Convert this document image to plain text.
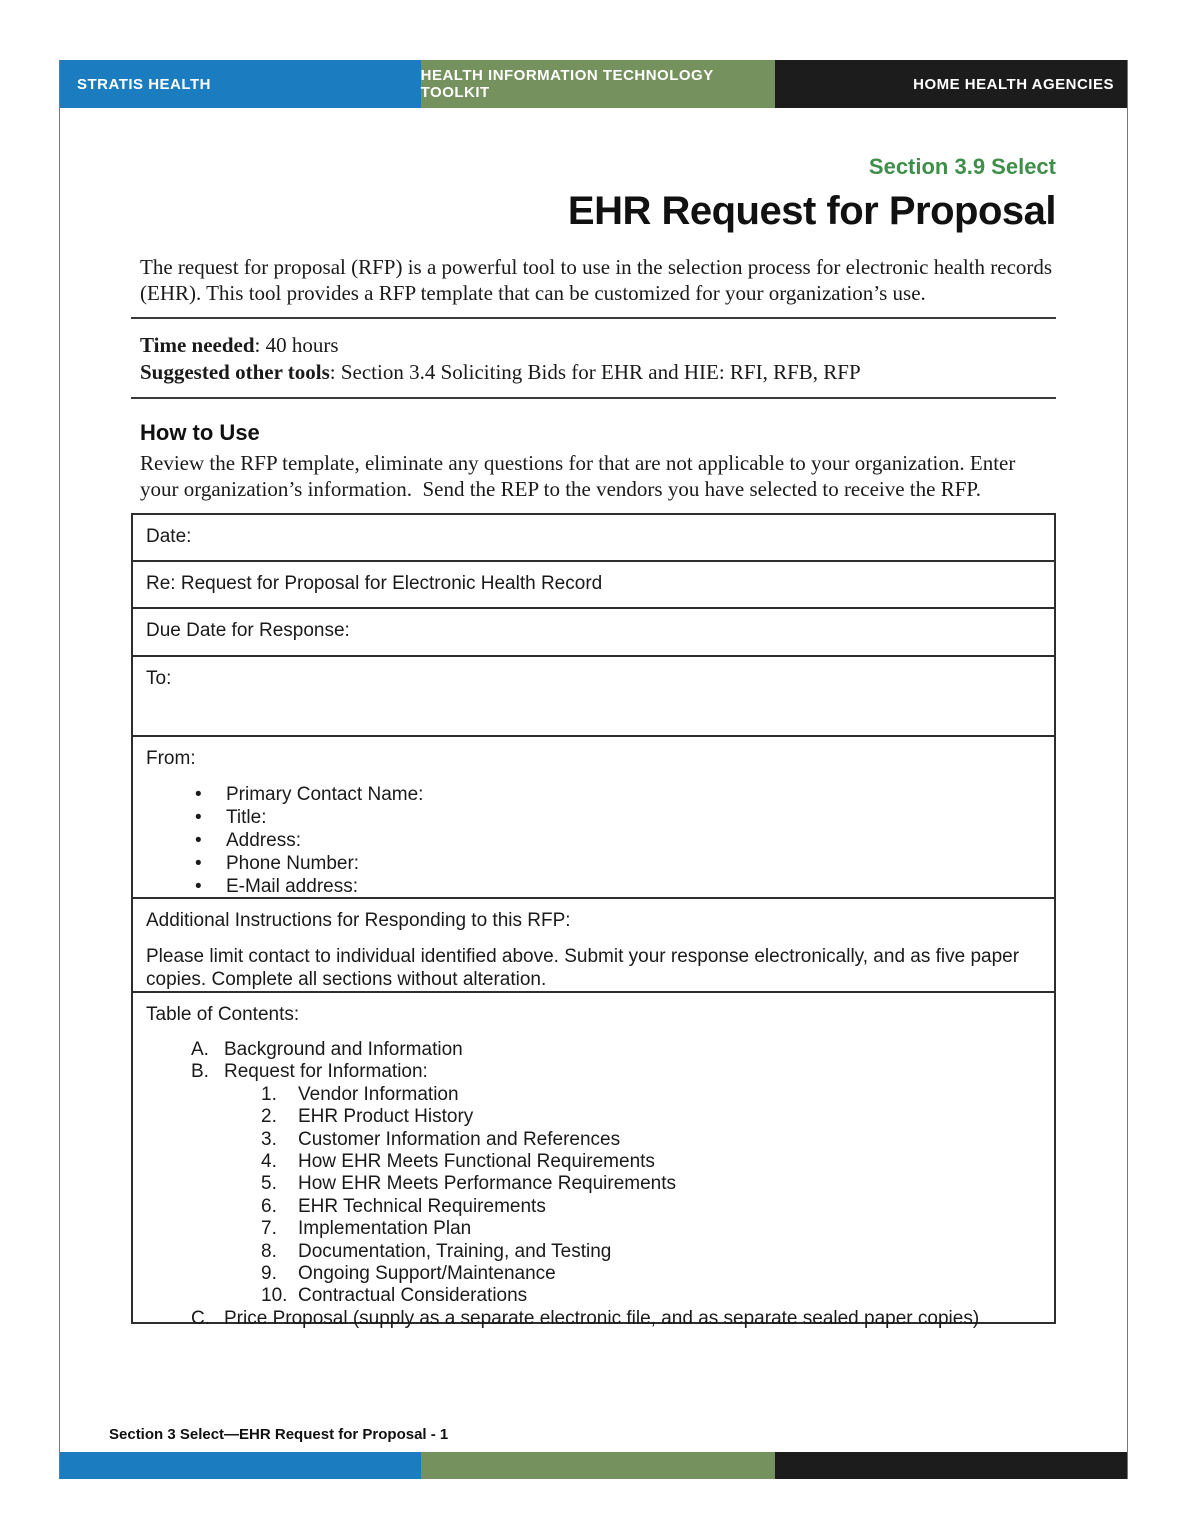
STRATIS HEALTH	HEALTH INFORMATION TECHNOLOGY TOOLKIT	HOME HEALTH AGENCIES
Section 3.9 Select
EHR Request for Proposal

The request for proposal (RFP) is a powerful tool to use in the selection process for electronic health records (EHR). This tool provides a RFP template that can be customized for your organization’s use.

Time needed: 40 hours
Suggested other tools: Section 3.4 Soliciting Bids for EHR and HIE: RFI, RFB, RFP
How to Use

Review the RFP template, eliminate any questions for that are not applicable to your organization. Enter your organization’s information.  Send the REP to the vendors you have selected to receive the RFP.

Date:
Re: Request for Proposal for Electronic Health Record
Due Date for Response:
To:
From:
• Primary Contact Name:
• Title:
• Address:
• Phone Number:
• E-Mail address:
Additional Instructions for Responding to this RFP:
Please limit contact to individual identified above. Submit your response electronically, and as five paper copies. Complete all sections without alteration.
Table of Contents:
A. Background and Information
B. Request for Information:
1.	Vendor Information
2.	EHR Product History
3.	Customer Information and References
4.	How EHR Meets Functional Requirements
5.	How EHR Meets Performance Requirements
6.	EHR Technical Requirements
7.	Implementation Plan
8.	Documentation, Training, and Testing
9.	Ongoing Support/Maintenance
10. Contractual Considerations
C. Price Proposal (supply as a separate electronic file, and as separate sealed paper copies)
Section 3 Select—EHR Request for Proposal - 1
